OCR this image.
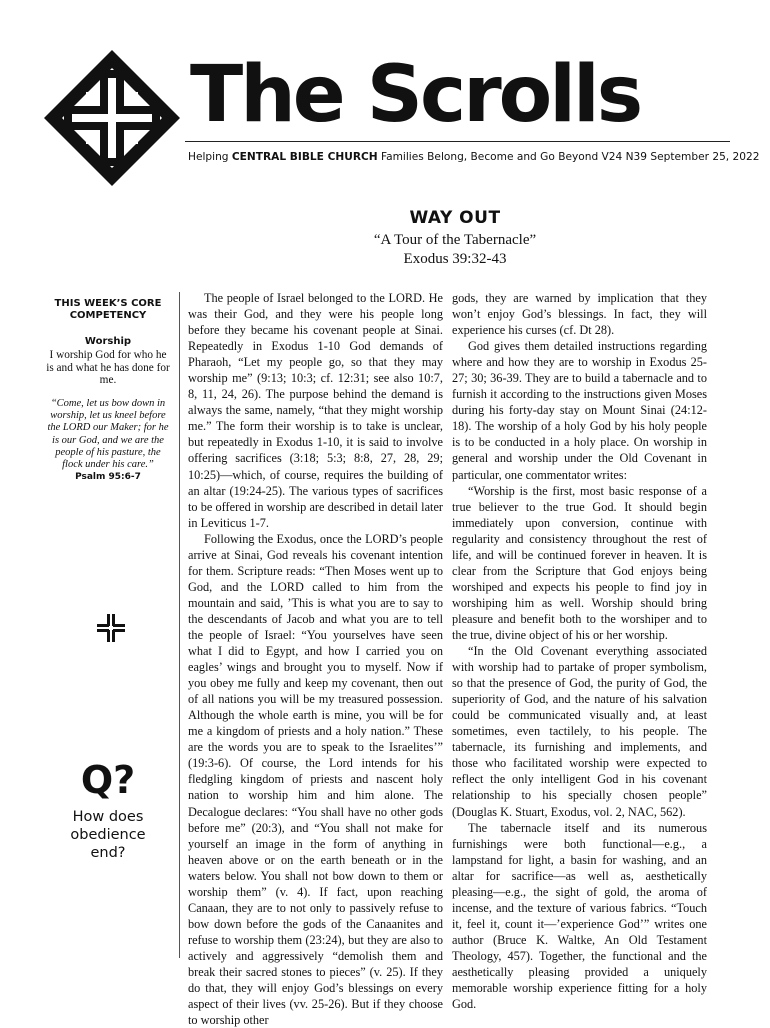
The Scrolls
Helping CENTRAL BIBLE CHURCH Families Belong, Become and Go Beyond V24 N39 September 25, 2022
WAY OUT
“A Tour of the Tabernacle”
Exodus 39:32-43
THIS WEEK’S CORE COMPETENCY
Worship
I worship God for who he is and what he has done for me.
“Come, let us bow down in worship, let us kneel before the LORD our Maker; for he is our God, and we are the people of his pasture, the flock under his care.”
Psalm 95:6-7
Q?
How does obedience end?

The people of Israel belonged to the LORD. He was their God, and they were his people long before they became his covenant people at Sinai. Repeatedly in Exodus 1-10 God demands of Pharaoh, “Let my people go, so that they may worship me” (9:13; 10:3; cf. 12:31; see also 10:7, 8, 11, 24, 26). The purpose behind the demand is always the same, namely, “that they might worship me.” The form their worship is to take is unclear, but repeatedly in Exodus 1-10, it is said to involve offering sacrifices (3:18; 5:3; 8:8, 27, 28, 29; 10:25)—which, of course, requires the building of an altar (19:24-25). The various types of sacrifices to be offered in worship are described in detail later in Leviticus 1-7.

Following the Exodus, once the LORD’s people arrive at Sinai, God reveals his covenant intention for them. Scripture reads: “Then Moses went up to God, and the LORD called to him from the mountain and said, ’This is what you are to say to the descendants of Jacob and what you are to tell the people of Israel: “You yourselves have seen what I did to Egypt, and how I carried you on eagles’ wings and brought you to myself. Now if you obey me fully and keep my covenant, then out of all nations you will be my treasured possession. Although the whole earth is mine, you will be for me a kingdom of priests and a holy nation.” These are the words you are to speak to the Israelites’” (19:3-6). Of course, the Lord intends for his fledgling kingdom of priests and nascent holy nation to worship him and him alone. The Decalogue declares: “You shall have no other gods before me” (20:3), and “You shall not make for yourself an image in the form of anything in heaven above or on the earth beneath or in the waters below. You shall not bow down to them or worship them” (v. 4). If fact, upon reaching Canaan, they are to not only to passively refuse to bow down before the gods of the Canaanites and refuse to worship them (23:24), but they are also to actively and aggressively “demolish them and break their sacred stones to pieces” (v. 25). If they do that, they will enjoy God’s blessings on every aspect of their lives (vv. 25-26). But if they choose to worship other

gods, they are warned by implication that they won’t enjoy God’s blessings. In fact, they will experience his curses (cf. Dt 28).

God gives them detailed instructions regarding where and how they are to worship in Exodus 25-27; 30; 36-39. They are to build a tabernacle and to furnish it according to the instructions given Moses during his forty-day stay on Mount Sinai (24:12-18). The worship of a holy God by his holy people is to be conducted in a holy place. On worship in general and worship under the Old Covenant in particular, one commentator writes:

“Worship is the first, most basic response of a true believer to the true God. It should begin immediately upon conversion, continue with regularity and consistency throughout the rest of life, and will be continued forever in heaven. It is clear from the Scripture that God enjoys being worshiped and expects his people to find joy in worshiping him as well. Worship should bring pleasure and benefit both to the worshiper and to the true, divine object of his or her worship.

“In the Old Covenant everything associated with worship had to partake of proper symbolism, so that the presence of God, the purity of God, the superiority of God, and the nature of his salvation could be communicated visually and, at least sometimes, even tactilely, to his people. The tabernacle, its furnishing and implements, and those who facilitated worship were expected to reflect the only intelligent God in his covenant relationship to his specially chosen people” (Douglas K. Stuart, Exodus, vol. 2, NAC, 562).

The tabernacle itself and its numerous furnishings were both functional—e.g., a lampstand for light, a basin for washing, and an altar for sacrifice—as well as, aesthetically pleasing—e.g., the sight of gold, the aroma of incense, and the texture of various fabrics. “Touch it, feel it, count it—’experience God’” writes one author (Bruce K. Waltke, An Old Testament Theology, 457). Together, the functional and the aesthetically pleasing provided a uniquely memorable worship experience fitting for a holy God.
